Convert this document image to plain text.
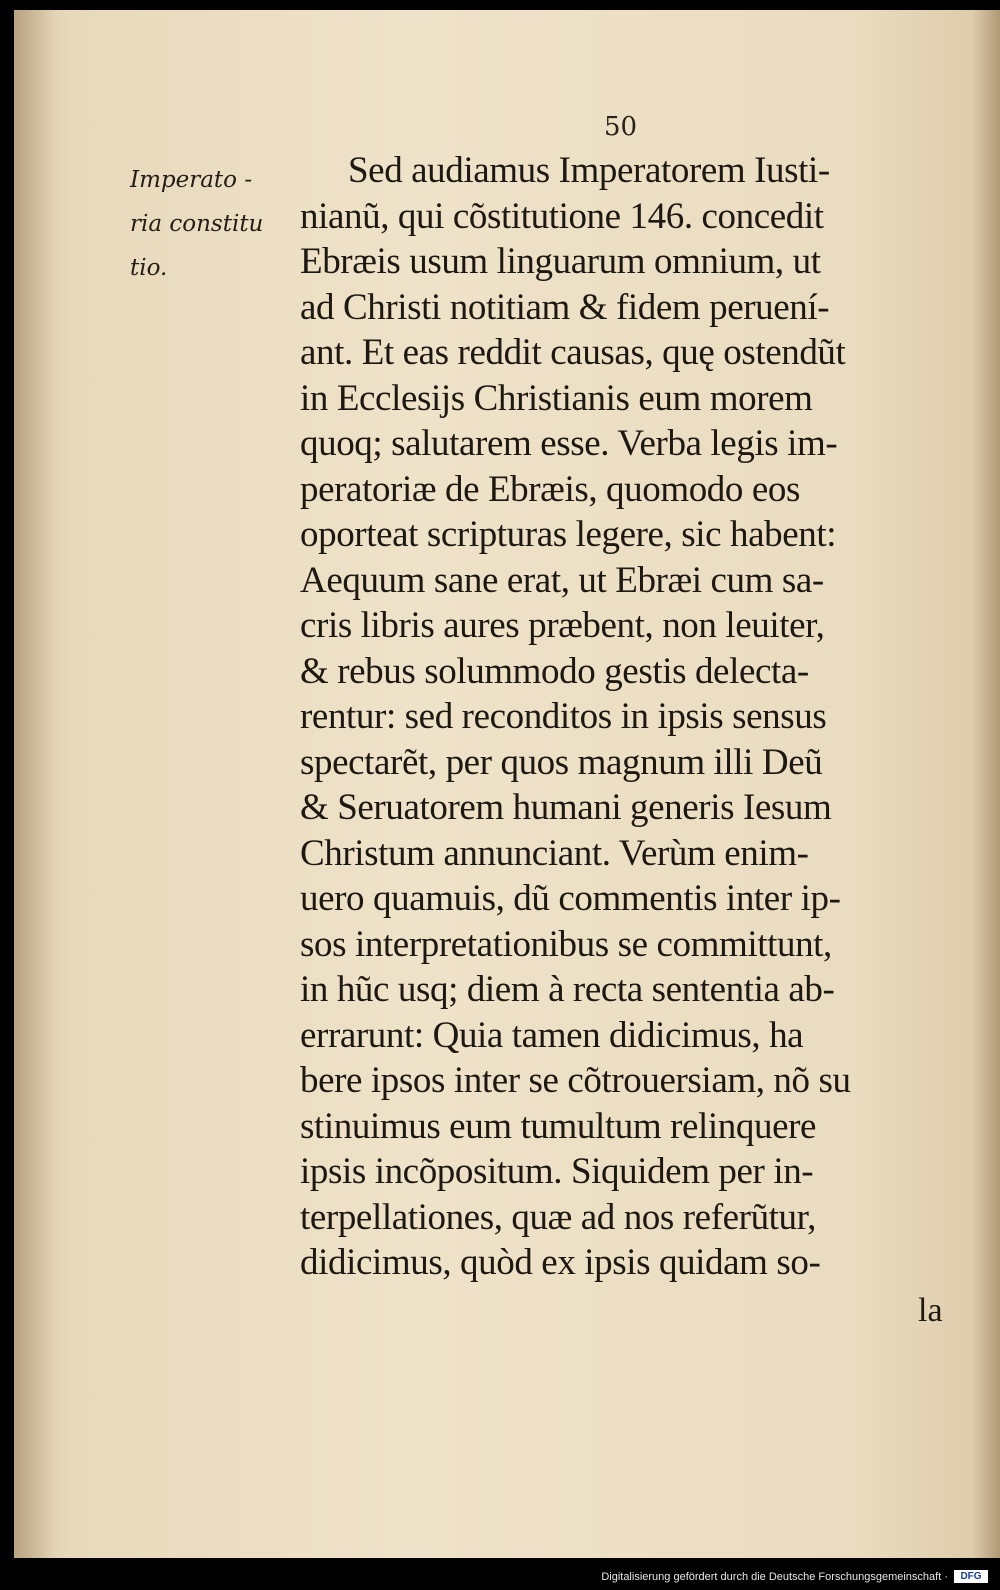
50
Imperato -
ria constitu
tio.
Sed audiamus Imperatorem Iusti-
nianũ, qui cõstitutione 146. concedit
Ebræis usum linguarum omnium, ut
ad Christi notitiam & fidem peruení-
ant. Et eas reddit causas, quę ostendũt
in Ecclesijs Christianis eum morem
quoq; salutarem esse. Verba legis im-
peratoriæ de Ebræis, quomodo eos
oporteat scripturas legere, sic habent:
Aequum sane erat, ut Ebræi cum sa-
cris libris aures præbent, non leuiter,
& rebus solummodo gestis delecta-
rentur: sed reconditos in ipsis sensus
spectarẽt, per quos magnum illi Deũ
& Seruatorem humani generis Iesum
Christum annunciant. Verùm enim-
uero quamuis, dũ commentis inter ip-
sos interpretationibus se committunt,
in hũc usq; diem à recta sententia ab-
errarunt: Quia tamen didicimus, ha
bere ipsos inter se cõtrouersiam, nõ su
stinuimus eum tumultum relinquere
ipsis incõpositum. Siquidem per in-
terpellationes, quæ ad nos referũtur,
didicimus, quòd ex ipsis quidam so-
la
Digitalisierung gefördert durch die Deutsche Forschungsgemeinschaft ·	DFG
